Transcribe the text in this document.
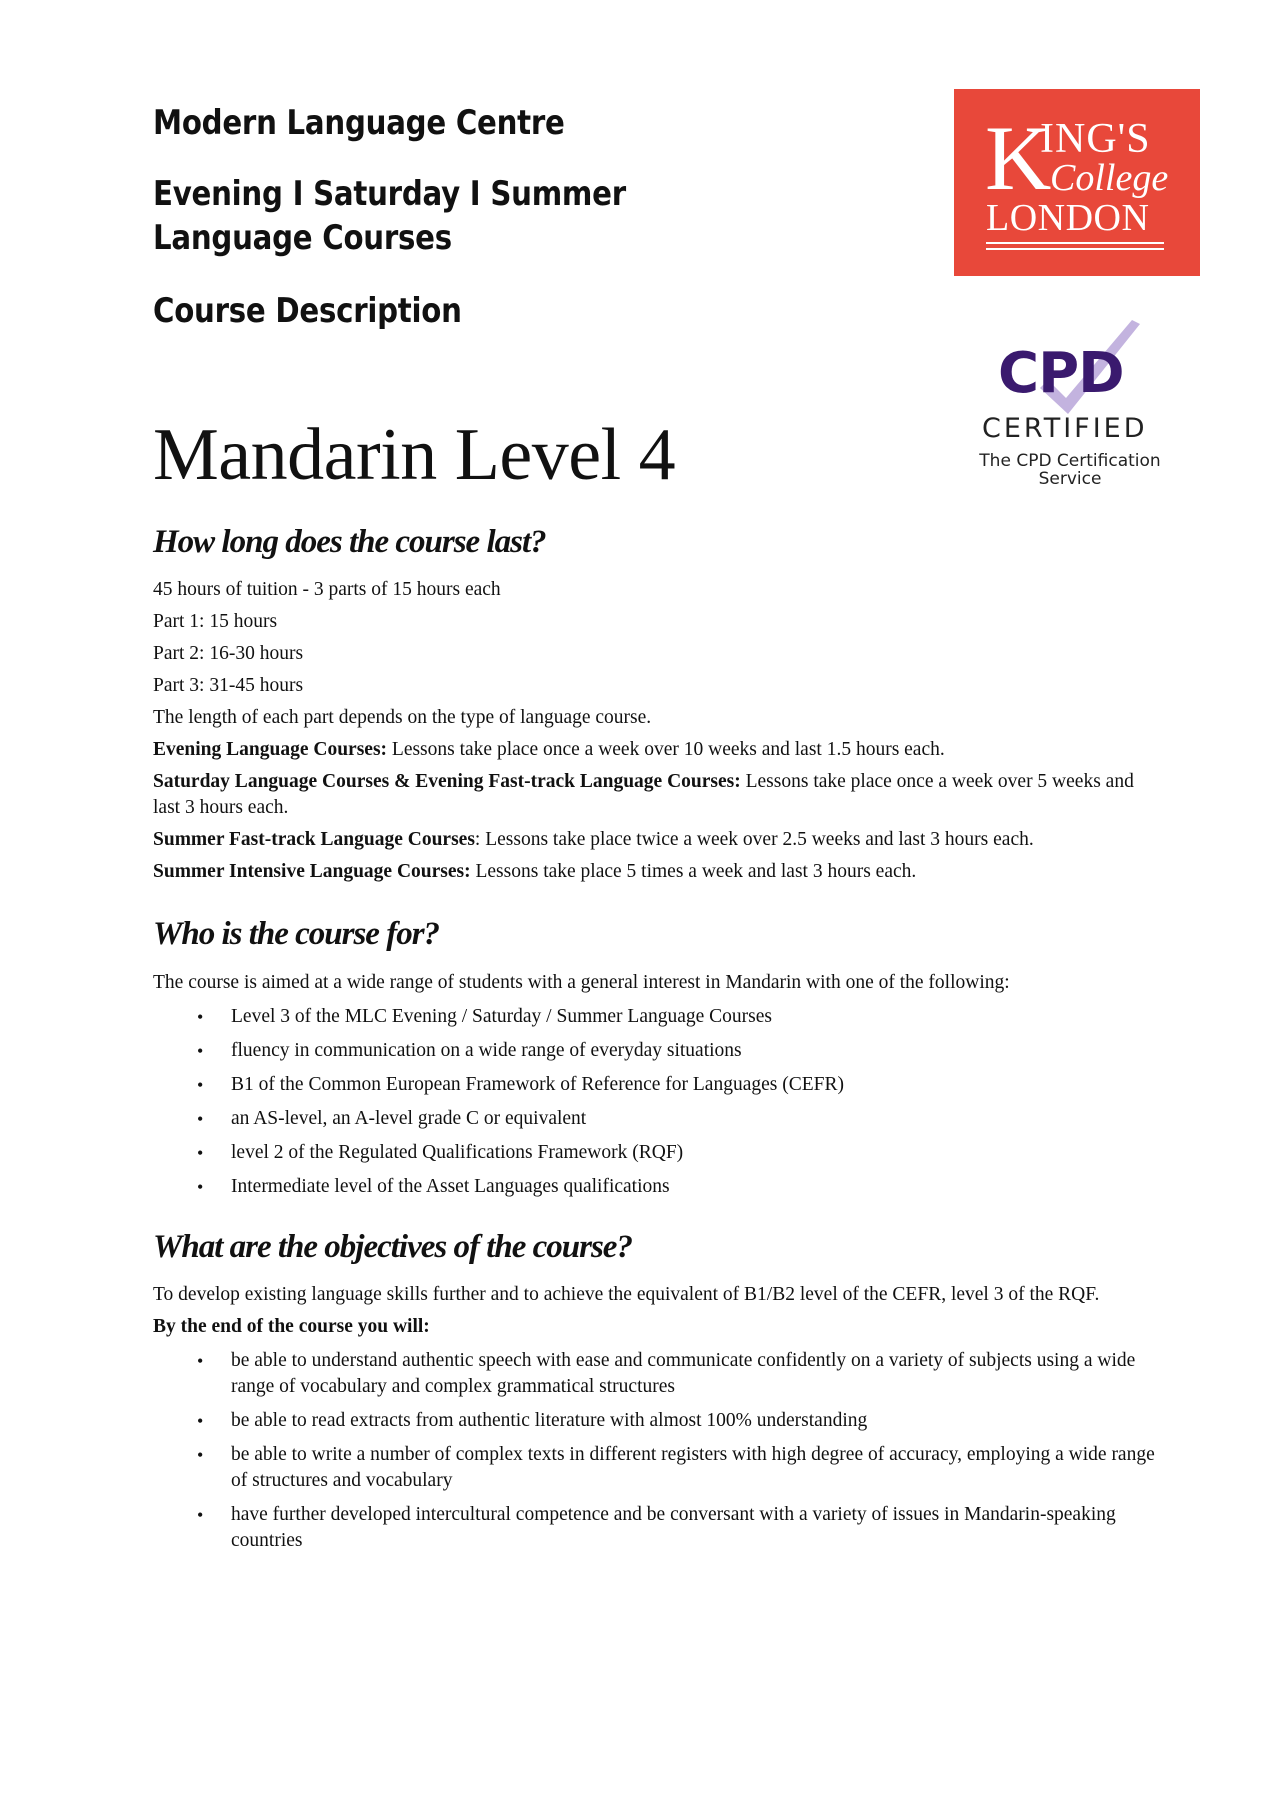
Modern Language Centre
Evening I Saturday I Summer
Language Courses
Course Description
K
ING'S
College
LONDON
CPD
CERTIFIED
The CPD Certification
Service
Mandarin Level 4
How long does the course last?

45 hours of tuition - 3 parts of 15 hours each

Part 1: 15 hours

Part 2: 16-30 hours

Part 3: 31-45 hours

The length of each part depends on the type of language course.

Evening Language Courses: Lessons take place once a week over 10 weeks and last 1.5 hours each.

Saturday Language Courses & Evening Fast-track Language Courses: Lessons take place once a week over 5 weeks and last 3 hours each.

Summer Fast-track Language Courses: Lessons take place twice a week over 2.5 weeks and last 3 hours each.

Summer Intensive Language Courses: Lessons take place 5 times a week and last 3 hours each.

Who is the course for?

The course is aimed at a wide range of students with a general interest in Mandarin with one of the following:

• Level 3 of the MLC Evening / Saturday / Summer Language Courses
• fluency in communication on a wide range of everyday situations
• B1 of the Common European Framework of Reference for Languages (CEFR)
• an AS-level, an A-level grade C or equivalent
• level 2 of the Regulated Qualifications Framework (RQF)
• Intermediate level of the Asset Languages qualifications
What are the objectives of the course?

To develop existing language skills further and to achieve the equivalent of B1/B2 level of the CEFR, level 3 of the RQF.

By the end of the course you will:

• be able to understand authentic speech with ease and communicate confidently on a variety of subjects using a wide range of vocabulary and complex grammatical structures
• be able to read extracts from authentic literature with almost 100% understanding
• be able to write a number of complex texts in different registers with high degree of accuracy, employing a wide range of structures and vocabulary
• have further developed intercultural competence and be conversant with a variety of issues in Mandarin-speaking countries
